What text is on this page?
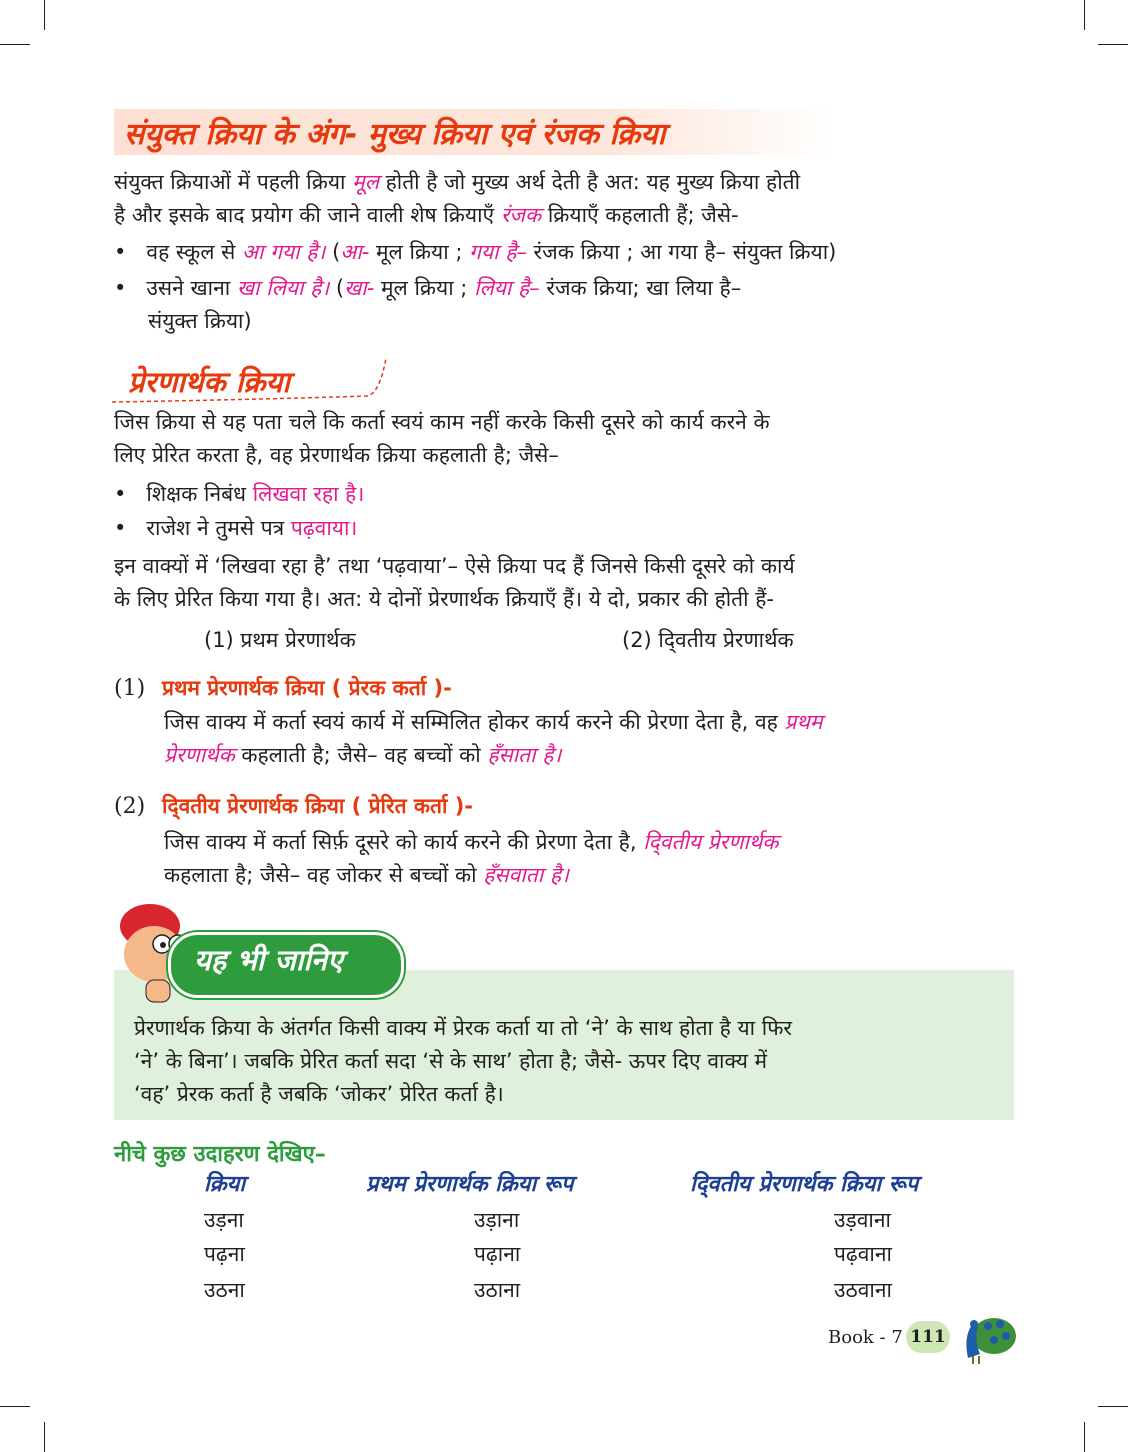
संयुक्त क्रिया के अंग- मुख्य क्रिया एवं रंजक क्रिया
संयुक्त क्रियाओं में पहली क्रिया मूल होती है जो मुख्य अर्थ देती है अत: यह मुख्य क्रिया होती
है और इसके बाद प्रयोग की जाने वाली शेष क्रियाएँ रंजक क्रियाएँ कहलाती हैं; जैसे-
•   वह स्कूल से आ गया है। (आ- मूल क्रिया ; गया है– रंजक क्रिया ; आ गया है– संयुक्त क्रिया)
•   उसने खाना खा लिया है। (खा- मूल क्रिया ; लिया है– रंजक क्रिया; खा लिया है–
संयुक्त क्रिया)
प्रेरणार्थक क्रिया
जिस क्रिया से यह पता चले कि कर्ता स्वयं काम नहीं करके किसी दूसरे को कार्य करने के
लिए प्रेरित करता है, वह प्रेरणार्थक क्रिया कहलाती है; जैसे–
•   शिक्षक निबंध लिखवा रहा है।
•   राजेश ने तुमसे पत्र पढ़वाया।
इन वाक्यों में ‘लिखवा रहा है’ तथा ‘पढ़वाया’– ऐसे क्रिया पद हैं जिनसे किसी दूसरे को कार्य
के लिए प्रेरित किया गया है। अत: ये दोनों प्रेरणार्थक क्रियाएँ हैं। ये दो, प्रकार की होती हैं-
(1) प्रथम प्रेरणार्थक	(2) द्‍वितीय प्रेरणार्थक
(1) प्रथम प्रेरणार्थक क्रिया ( प्रेरक कर्ता )-
जिस वाक्य में कर्ता स्वयं कार्य में सम्मिलित होकर कार्य करने की प्रेरणा देता है, वह प्रथम
प्रेरणार्थक कहलाती है; जैसे– वह बच्चों को हँसाता है।
(2) द्‍वितीय प्रेरणार्थक क्रिया ( प्रेरित कर्ता )-
जिस वाक्य में कर्ता सिर्फ़ दूसरे को कार्य करने की प्रेरणा देता है, द्‍वितीय प्रेरणार्थक
कहलाता है; जैसे– वह जोकर से बच्चों को हँसवाता है।
यह भी जानिए
प्रेरणार्थक क्रिया के अंतर्गत किसी वाक्य में प्रेरक कर्ता या तो ‘ने’ के साथ होता है या फिर
‘ने’ के बिना’। जबकि प्रेरित कर्ता सदा ‘से के साथ’ होता है; जैसे- ऊपर दिए वाक्य में
‘वह’ प्रेरक कर्ता है जबकि ‘जोकर’ प्रेरित कर्ता है।
नीचे कुछ उदाहरण देखिए–
क्रिया	प्रथम प्रेरणार्थक क्रिया रूप	द्‍वितीय प्रेरणार्थक क्रिया रूप
उड़ना	उड़ाना	उड़वाना
पढ़ना	पढ़ाना	पढ़वाना
उठना	उठाना	उठवाना
Book - 7 111
